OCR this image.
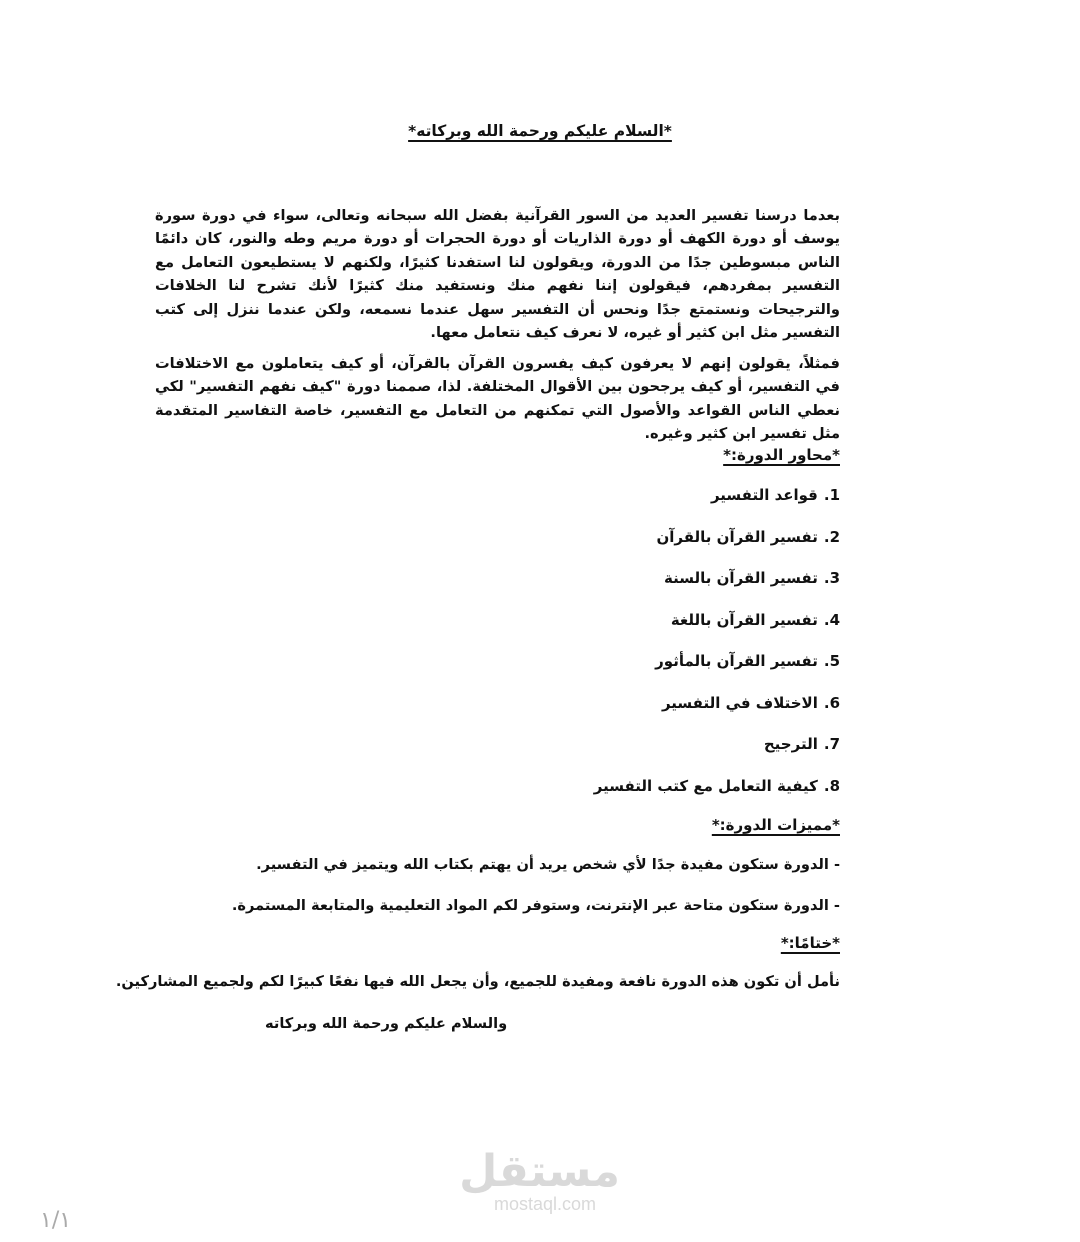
*السلام عليكم ورحمة الله وبركاته*

بعدما درسنا تفسير العديد من السور القرآنية بفضل الله سبحانه وتعالى، سواء في دورة سورة يوسف أو دورة الكهف أو دورة الذاريات أو دورة الحجرات أو دورة مريم وطه والنور، كان دائمًا الناس مبسوطين جدًا من الدورة، ويقولون لنا استفدنا كثيرًا، ولكنهم لا يستطيعون التعامل مع التفسير بمفردهم، فيقولون إننا نفهم منك ونستفيد منك كثيرًا لأنك تشرح لنا الخلافات والترجيحات ونستمتع جدًا ونحس أن التفسير سهل عندما نسمعه، ولكن عندما ننزل إلى كتب التفسير مثل ابن كثير أو غيره، لا نعرف كيف نتعامل معها.

فمثلاً، يقولون إنهم لا يعرفون كيف يفسرون القرآن بالقرآن، أو كيف يتعاملون مع الاختلافات في التفسير، أو كيف يرجحون بين الأقوال المختلفة. لذا، صممنا دورة "كيف نفهم التفسير" لكي نعطي الناس القواعد والأصول التي تمكنهم من التعامل مع التفسير، خاصة التفاسير المتقدمة مثل تفسير ابن كثير وغيره.

*محاور الدورة:*
1.قواعد التفسير
2.تفسير القرآن بالقرآن
3.تفسير القرآن بالسنة
4.تفسير القرآن باللغة
5.تفسير القرآن بالمأثور
6.الاختلاف في التفسير
7.الترجيح
8.كيفية التعامل مع كتب التفسير
*مميزات الدورة:*
- الدورة ستكون مفيدة جدًا لأي شخص يريد أن يهتم بكتاب الله ويتميز في التفسير.
- الدورة ستكون متاحة عبر الإنترنت، وستوفر لكم المواد التعليمية والمتابعة المستمرة.
*ختامًا:*
نأمل أن تكون هذه الدورة نافعة ومفيدة للجميع، وأن يجعل الله فيها نفعًا كبيرًا لكم ولجميع المشاركين.
والسلام عليكم ورحمة الله وبركاته
مستقل
mostaql.com
١/١
